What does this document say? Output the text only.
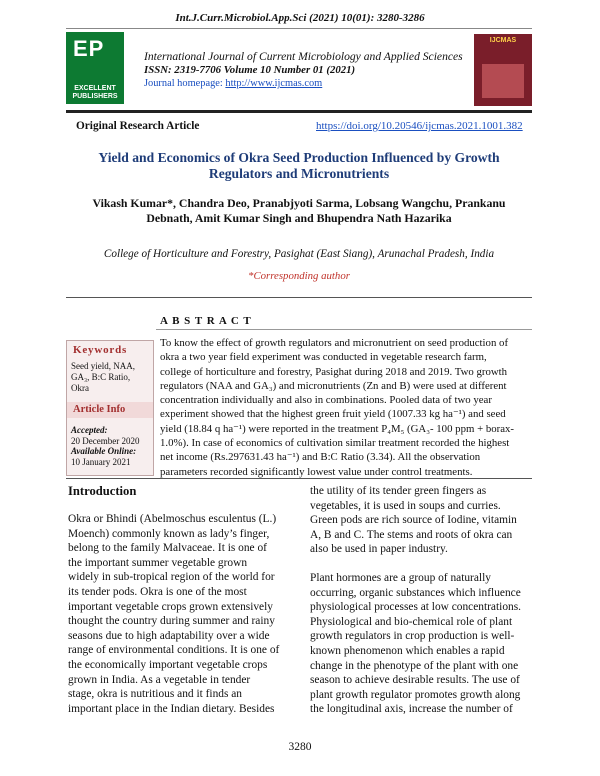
Int.J.Curr.Microbiol.App.Sci (2021) 10(01): 3280-3286
EP
EXCELLENT PUBLISHERS
International Journal of Current Microbiology and Applied Sciences
ISSN: 2319-7706 Volume 10 Number 01 (2021)
Journal homepage: http://www.ijcmas.com
IJCMAS
Original Research Article	https://doi.org/10.20546/ijcmas.2021.1001.382
Yield and Economics of Okra Seed Production Influenced by Growth
Regulators and Micronutrients
Vikash Kumar*, Chandra Deo, Pranabjyoti Sarma, Lobsang Wangchu, Prankanu
Debnath, Amit Kumar Singh and Bhupendra Nath Hazarika
College of Horticulture and Forestry, Pasighat (East Siang), Arunachal Pradesh, India
*Corresponding author
A B S T R A C T
Keywords
Seed yield, NAA,
GA₃, B:C Ratio,
Okra
Article Info
Accepted:
20 December 2020
Available Online:
10 January 2021
To know the effect of growth regulators and micronutrient on seed production of
okra a two year field experiment was conducted in vegetable research farm,
college of horticulture and forestry, Pasighat during 2018 and 2019. Two growth
regulators (NAA and GA₃) and micronutrients (Zn and B) were used at different
concentration individually and also in combinations. Pooled data of two year
experiment showed that the highest green fruit yield (1007.33 kg ha⁻¹) and seed
yield (18.84 q ha⁻¹) were reported in the treatment P₄M₅ (GA₃- 100 ppm + borax-
1.0%). In case of economics of cultivation similar treatment recorded the highest
net income (Rs.297631.43 ha⁻¹) and B:C Ratio (3.34). All the observation
parameters recorded significantly lowest value under control treatments.
Introduction
Okra or Bhindi (Abelmoschus esculentus (L.)
Moench) commonly known as lady’s finger,
belong to the family Malvaceae. It is one of
the important summer vegetable grown
widely in sub-tropical region of the world for
its tender pods. Okra is one of the most
important vegetable crops grown extensively
thought the country during summer and rainy
seasons due to high adaptability over a wide
range of environmental conditions. It is one of
the economically important vegetable crops
grown in India. As a vegetable in tender
stage, okra is nutritious and it finds an
important place in the Indian dietary. Besides
the utility of its tender green fingers as
vegetables, it is used in soups and curries.
Green pods are rich source of Iodine, vitamin
A, B and C. The stems and roots of okra can
also be used in paper industry.
Plant hormones are a group of naturally
occurring, organic substances which influence
physiological processes at low concentrations.
Physiological and bio-chemical role of plant
growth regulators in crop production is well-
known phenomenon which enables a rapid
change in the phenotype of the plant with one
season to achieve desirable results. The use of
plant growth regulator promotes growth along
the longitudinal axis, increase the number of
3280
